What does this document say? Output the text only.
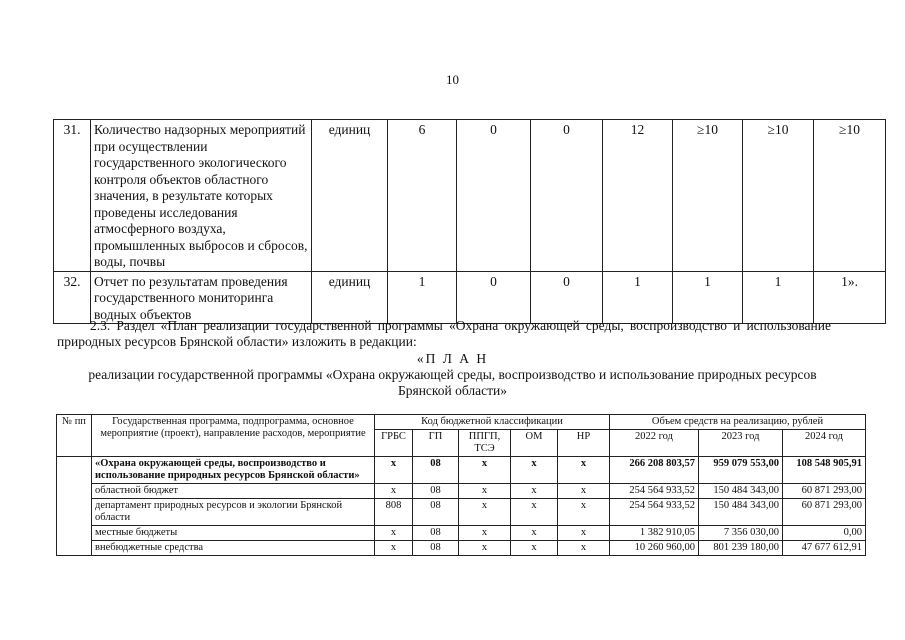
10
31.	Количество надзорных мероприятий при осуществлении государственного экологического контроля объектов областного значения, в результате которых проведены исследования атмосферного воздуха, промышленных выбросов и сбросов, воды, почвы	единиц	6	0	0	12	≥10	≥10	≥10
32.	Отчет по результатам проведения государственного мониторинга водных объектов	единиц	1	0	0	1	1	1	1».
2.3. Раздел «План реализации государственной программы «Охрана окружающей среды, воспроизводство и использование природных ресурсов Брянской области» изложить в редакции:
«П Л А Н
реализации государственной программы «Охрана окружающей среды, воспроизводство и использование природных ресурсов Брянской области»
№ пп	Государственная программа, подпрограмма, основное мероприятие (проект), направление расходов, мероприятие	Код бюджетной классификации					Объем средств на реализацию, рублей		
		ГРБС	ГП	ППГП, ТСЭ	ОМ	НР	2022 год	2023 год	2024 год
	«Охрана окружающей среды, воспроизводство и использование природных ресурсов Брянской области»	х	08	х	х	х	266 208 803,57	959 079 553,00	108 548 905,91
	областной бюджет	х	08	х	х	х	254 564 933,52	150 484 343,00	60 871 293,00
	департамент природных ресурсов и экологии Брянской области	808	08	х	х	х	254 564 933,52	150 484 343,00	60 871 293,00
	местные бюджеты	х	08	х	х	х	1 382 910,05	7 356 030,00	0,00
	внебюджетные средства	х	08	х	х	х	10 260 960,00	801 239 180,00	47 677 612,91
